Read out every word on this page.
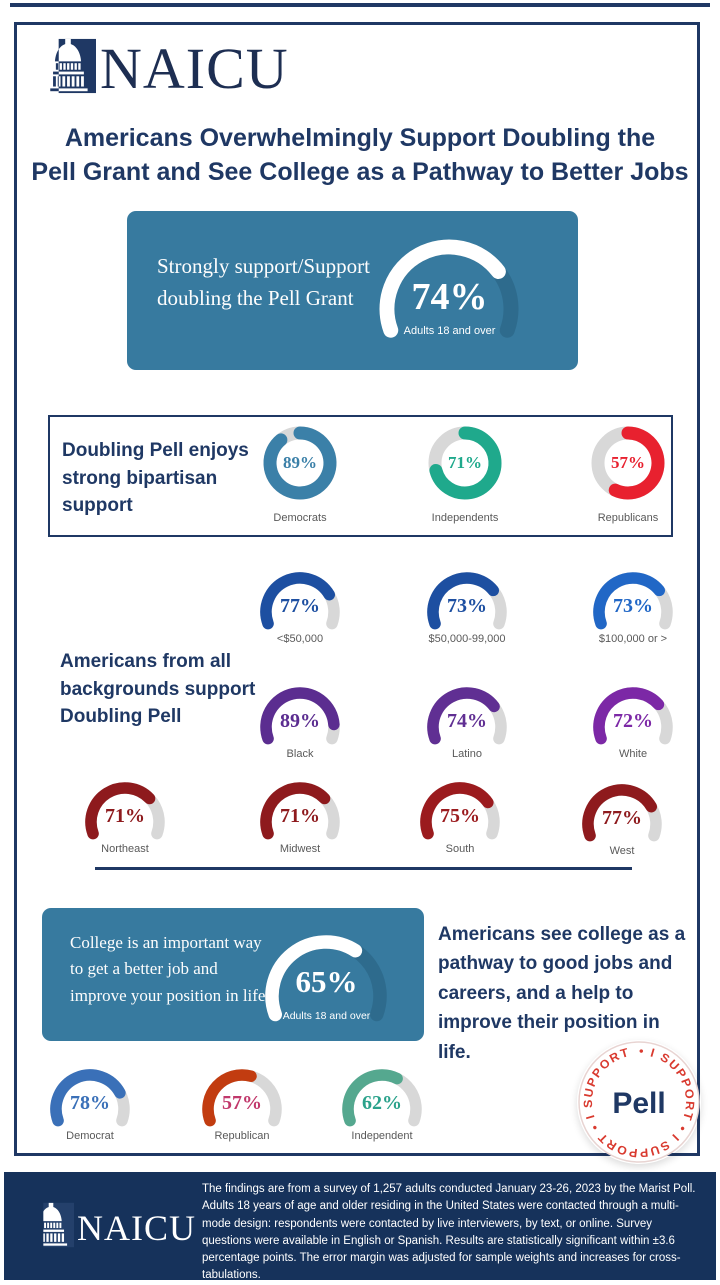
NAICU
Americans Overwhelmingly Support Doubling the
Pell Grant and See College as a Pathway to Better Jobs
Strongly support/Support doubling the Pell Grant	74%
Adults 18 and over
Doubling Pell enjoys strong bipartisan support
89%
Democrats
71%
Independents
57%
Republicans
Americans from all backgrounds support Doubling Pell
77%
<$50,000
73%
$50,000-99,000
73%
$100,000 or >
89%
Black
74%
Latino
72%
White
71%
Northeast
71%
Midwest
75%
South
77%
West
College is an important way to get a better job and improve your position in life 65%
Adults 18 and over
Americans see college as a pathway to good jobs and careers, and a help to improve their position in life.
78%
Democrat
57%
Republican
62%
Independent
• I SUPPORT • I SUPPORT • I SUPPORT
Pell
NAICU
The findings are from a survey of 1,257 adults conducted January 23-26, 2023 by the Marist Poll. Adults 18 years of age and older residing in the United States were contacted through a multi-mode design: respondents were contacted by live interviewers, by text, or online. Survey questions were available in English or Spanish. Results are statistically significant within ±3.6 percentage points. The error margin was adjusted for sample weights and increases for cross-tabulations.
